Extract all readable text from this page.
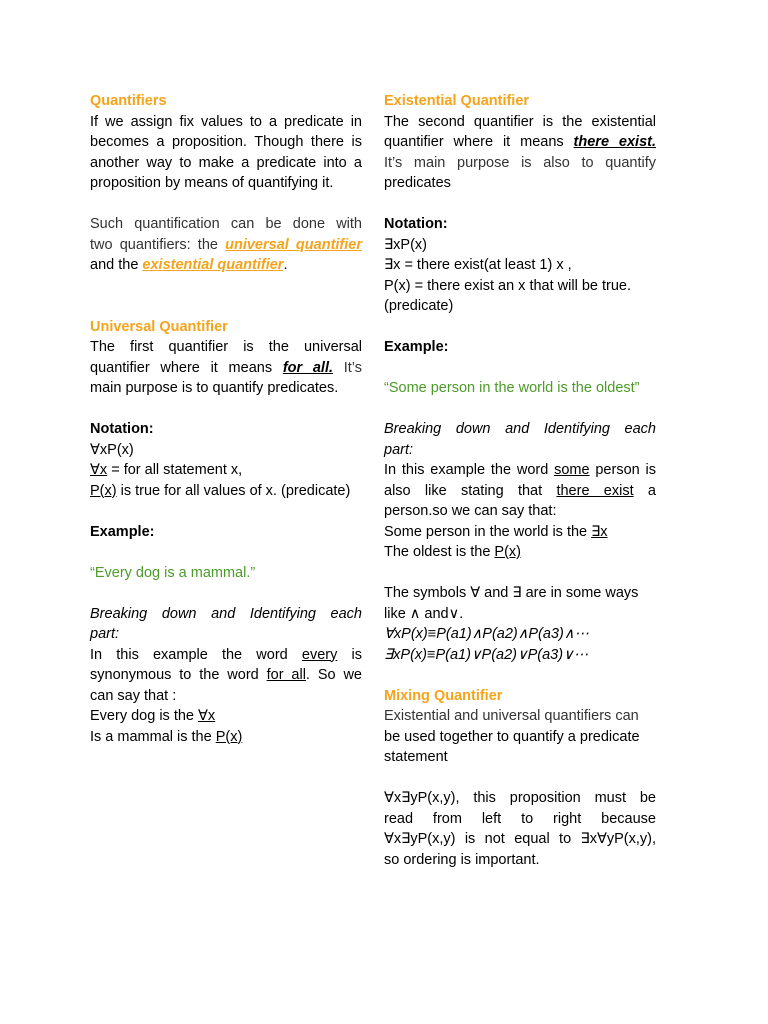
Quantifiers

If we assign fix values to a predicate in

becomes a proposition. Though there is

another way to make a predicate into a

proposition by means of quantifying it.

Such quantification can be done with

two quantifiers: the universal quantifier

and the existential quantifier.

Universal Quantifier

The first quantifier is the universal

quantifier where it means for all. It’s

main purpose is to quantify predicates.

Notation:

∀xP(x)

∀x = for all statement x,

P(x) is true for all values of x. (predicate)

Example:

“Every dog is a mammal.”

Breaking down and Identifying each

part:

In this example the word every is

synonymous to the word for all. So we

can say that :

Every dog is the ∀x

Is a mammal is the P(x)

Existential Quantifier

The second quantifier is the existential

quantifier where it means there exist.

It’s main purpose is also to quantify

predicates

Notation:

∃xP(x)

∃x = there exist(at least 1) x ,

P(x) = there exist an x that will be true.

(predicate)

Example:

“Some person in the world is the oldest”

Breaking down and Identifying each

part:

In this example the word some person is

also like stating that there exist a

person.so we can say that:

Some person in the world is the ∃x

The oldest is the P(x)

The symbols ∀ and ∃ are in some ways

like ∧ and∨.

∀xP(x)≡P(a1)∧P(a2)∧P(a3)∧⋯

∃xP(x)≡P(a1)∨P(a2)∨P(a3)∨⋯

Mixing Quantifier

Existential and universal quantifiers can

be used together to quantify a predicate

statement

∀x∃yP(x,y), this proposition must be

read from left to right because

∀x∃yP(x,y) is not equal to ∃x∀yP(x,y),

so ordering is important.
